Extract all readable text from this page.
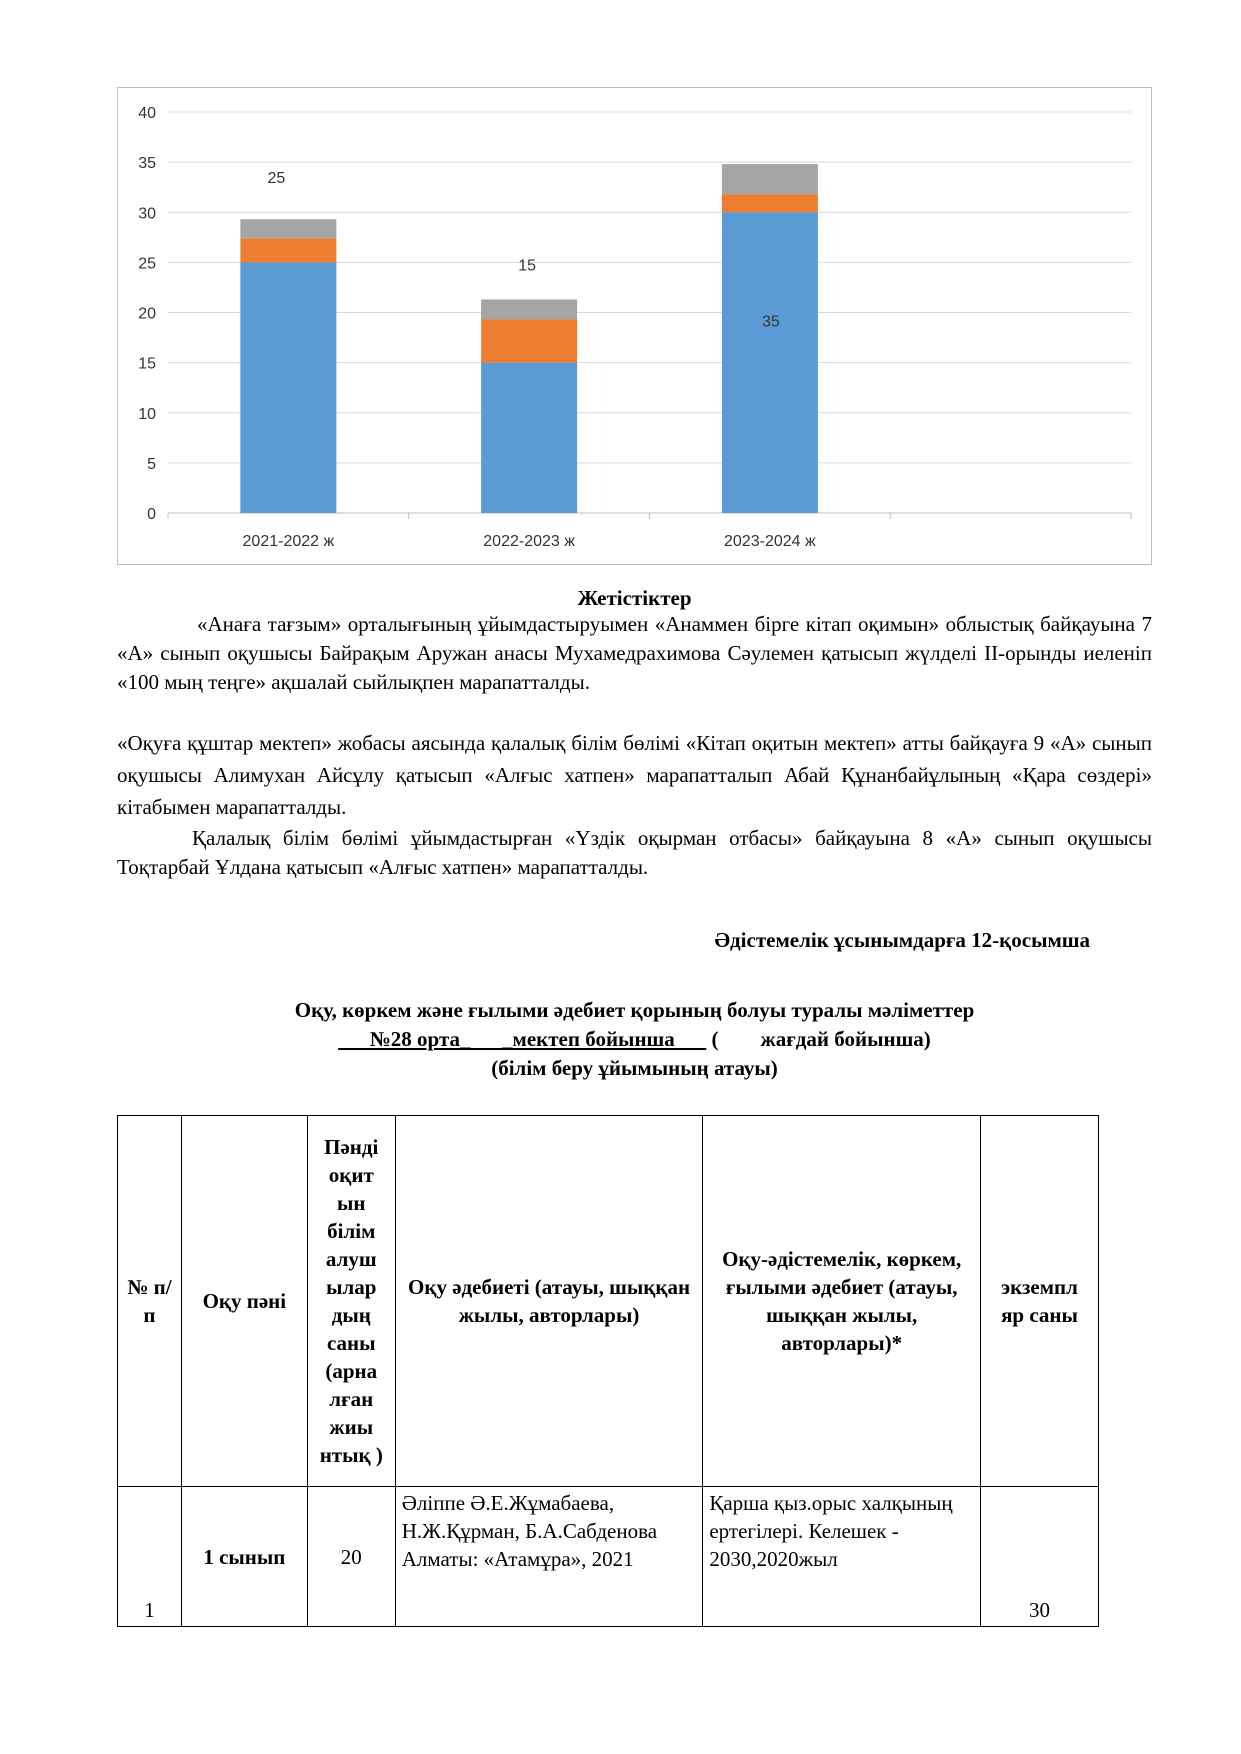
0
5
10
15
20
25
30
35
40
2021-2022 ж	2022-2023 ж	2023-2024 ж
25
15
35
Жетістіктер
«Анаға тағзым» орталығының ұйымдастыруымен «Анаммен бірге кітап оқимын» облыстық байқауына 7 «А» сынып оқушысы Байрақым Аружан анасы Мухамедрахимова Сәулемен қатысып жүлделі ІІ-орынды иеленіп «100 мың теңге» ақшалай сыйлықпен марапатталды.
«Оқуға құштар мектеп» жобасы аясында қалалық білім бөлімі «Кітап оқитын мектеп» атты байқауға 9 «А» сынып оқушысы Алимухан Айсұлу қатысып «Алғыс хатпен» марапатталып Абай Құнанбайұлының «Қара сөздері» кітабымен марапатталды.
Қалалық білім бөлімі ұйымдастырған «Үздік оқырман отбасы» байқауына 8 «А» сынып оқушысы Тоқтарбай Ұлдана қатысып «Алғыс хатпен» марапатталды.
Әдістемелік ұсынымдарға 12-қосымша
Оқу, көркем және ғылыми әдебиет қорының болуы туралы мәліметтер
№28 орта_      _мектеп бойынша       (        жағдай бойынша)
(білім беру ұйымының атауы)
№ п/п	Оқу пәні	Пәнді оқит ын білім алуш ылар дың саны (арна лған жиы нтық )	Оқу әдебиеті (атауы, шыққан жылы, авторлары)	Оқу-әдістемелік, көркем, ғылыми әдебиет (атауы, шыққан жылы, авторлары)*	экземпл яр саны
1	1 сынып	20	Әліппе Ә.Е.Жұмабаева, Н.Ж.Құрман, Б.А.Сабденова Алматы: «Атамұра», 2021	Қарша қыз.орыс халқының ертегілері. Келешек - 2030,2020жыл	30
